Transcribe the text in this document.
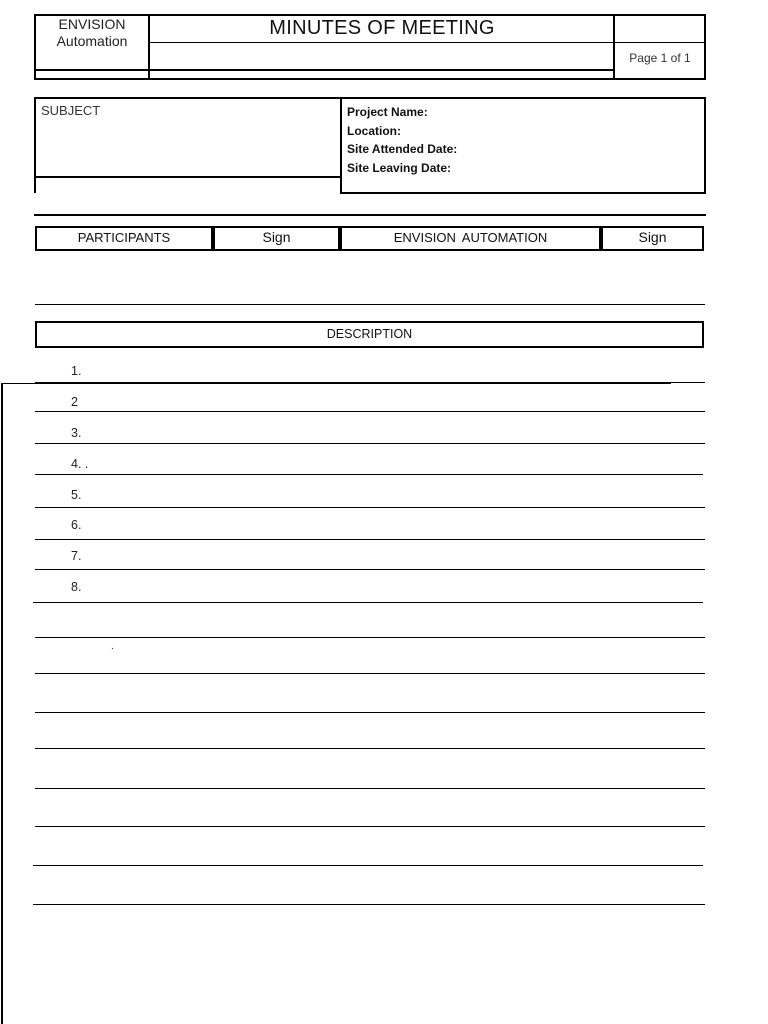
ENVISION
Automation
MINUTES OF MEETING
Page 1 of 1
SUBJECT	Project Name:
Location:
Site Attended Date:
Site Leaving Date:
PARTICIPANTS	Sign	ENVISION AUTOMATION	Sign
DESCRIPTION
1.
2
3.
4. .
5.
6.
7.
8.
.
